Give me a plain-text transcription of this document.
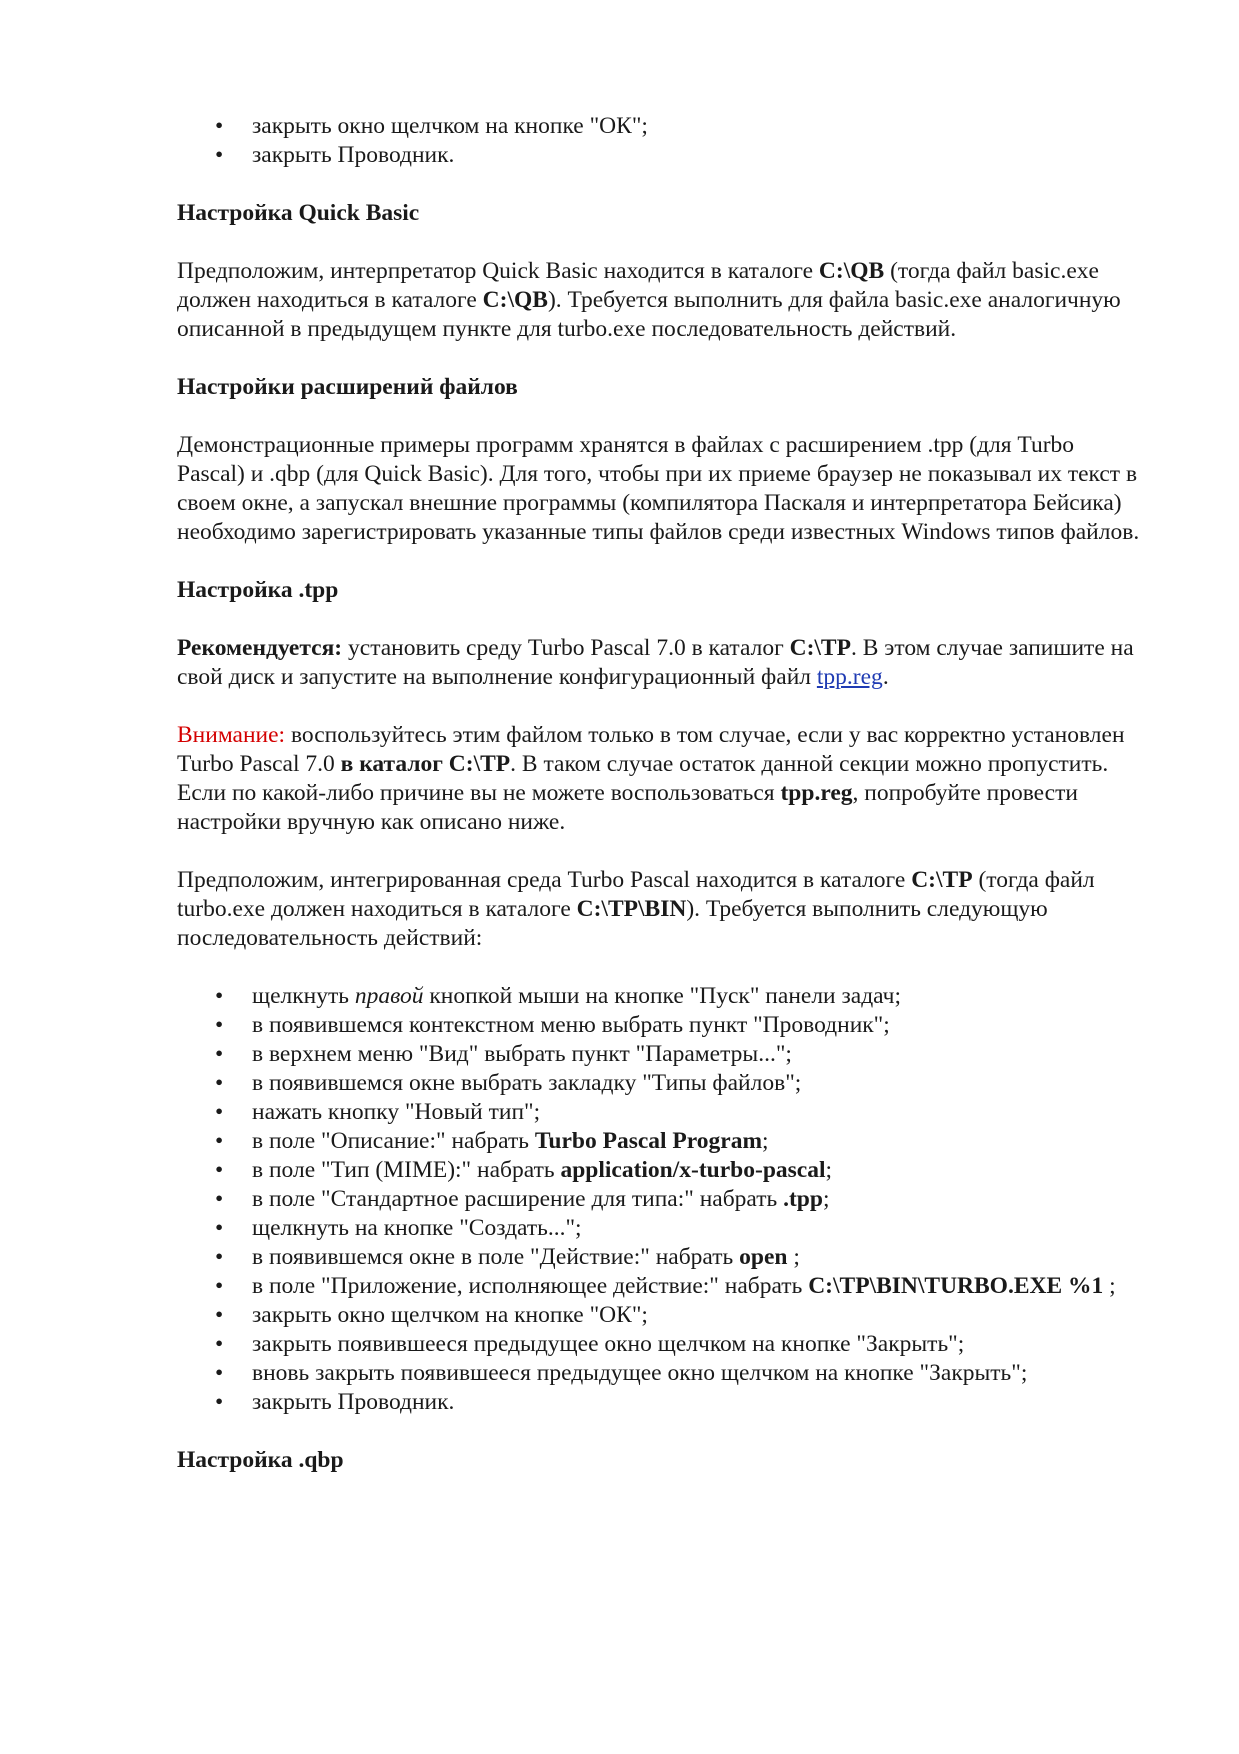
• закрыть окно щелчком на кнопке "ОК";
• закрыть Проводник.

Настройка Quick Basic

Предположим, интерпретатор Quick Basic находится в каталоге C:\QB (тогда файл basic.exe должен находиться в каталоге C:\QB). Требуется выполнить для файла basic.exe аналогичную описанной в предыдущем пункте для turbo.exe последовательность действий.

Настройки расширений файлов

Демонстрационные примеры программ хранятся в файлах с расширением .tpp (для Turbo Pascal) и .qbp (для Quick Basic). Для того, чтобы при их приеме браузер не показывал их текст в своем окне, а запускал внешние программы (компилятора Паскаля и интерпретатора Бейсика) необходимо зарегистрировать указанные типы файлов среди известных Windows типов файлов.

Настройка .tpp

Рекомендуется: установить среду Turbo Pascal 7.0 в каталог C:\TP. В этом случае запишите на свой диск и запустите на выполнение конфигурационный файл tpp.reg.

Внимание: воспользуйтесь этим файлом только в том случае, если у вас корректно установлен Turbo Pascal 7.0 в каталог C:\TP. В таком случае остаток данной секции можно пропустить. Если по какой-либо причине вы не можете воспользоваться tpp.reg, попробуйте провести настройки вручную как описано ниже.

Предположим, интегрированная среда Turbo Pascal находится в каталоге C:\TP (тогда файл turbo.exe должен находиться в каталоге C:\TP\BIN). Требуется выполнить следующую последовательность действий:

• щелкнуть правой кнопкой мыши на кнопке "Пуск" панели задач;
• в появившемся контекстном меню выбрать пункт "Проводник";
• в верхнем меню "Вид" выбрать пункт "Параметры...";
• в появившемся окне выбрать закладку "Типы файлов";
• нажать кнопку "Новый тип";
• в поле "Описание:" набрать Turbo Pascal Program;
• в поле "Тип (MIME):" набрать application/x-turbo-pascal;
• в поле "Стандартное расширение для типа:" набрать .tpp;
• щелкнуть на кнопке "Создать...";
• в появившемся окне в поле "Действие:" набрать open ;
• в поле "Приложение, исполняющее действие:" набрать C:\TP\BIN\TURBO.EXE %1 ;
• закрыть окно щелчком на кнопке "ОК";
• закрыть появившееся предыдущее окно щелчком на кнопке "Закрыть";
• вновь закрыть появившееся предыдущее окно щелчком на кнопке "Закрыть";
• закрыть Проводник.

Настройка .qbp
